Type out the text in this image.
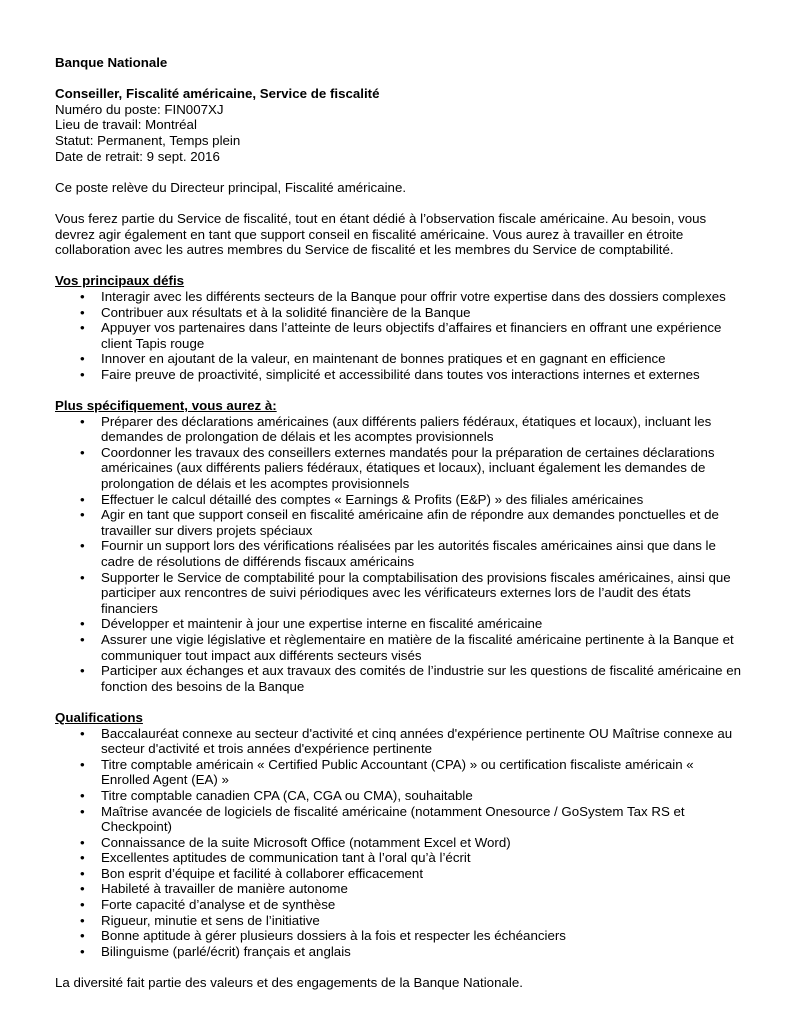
Banque Nationale

Conseiller, Fiscalité américaine, Service de fiscalité

Numéro du poste: FIN007XJ

Lieu de travail: Montréal

Statut: Permanent, Temps plein

Date de retrait: 9 sept. 2016

Ce poste relève du Directeur principal, Fiscalité américaine.

Vous ferez partie du Service de fiscalité, tout en étant dédié à l’observation fiscale américaine. Au besoin, vous devrez agir également en tant que support conseil en fiscalité américaine. Vous aurez à travailler en étroite collaboration avec les autres membres du Service de fiscalité et les membres du Service de comptabilité.

Vos principaux défis

• Interagir avec les différents secteurs de la Banque pour offrir votre expertise dans des dossiers complexes
• Contribuer aux résultats et à la solidité financière de la Banque
• Appuyer vos partenaires dans l’atteinte de leurs objectifs d’affaires et financiers en offrant une expérience client Tapis rouge
• Innover en ajoutant de la valeur, en maintenant de bonnes pratiques et en gagnant en efficience
• Faire preuve de proactivité, simplicité et accessibilité dans toutes vos interactions internes et externes

Plus spécifiquement, vous aurez à:

• Préparer des déclarations américaines (aux différents paliers fédéraux, étatiques et locaux), incluant les demandes de prolongation de délais et les acomptes provisionnels
• Coordonner les travaux des conseillers externes mandatés pour la préparation de certaines déclarations américaines (aux différents paliers fédéraux, étatiques et locaux), incluant également les demandes de prolongation de délais et les acomptes provisionnels
• Effectuer le calcul détaillé des comptes « Earnings & Profits (E&P) » des filiales américaines
• Agir en tant que support conseil en fiscalité américaine afin de répondre aux demandes ponctuelles et de travailler sur divers projets spéciaux
• Fournir un support lors des vérifications réalisées par les autorités fiscales américaines ainsi que dans le cadre de résolutions de différends fiscaux américains
• Supporter le Service de comptabilité pour la comptabilisation des provisions fiscales américaines, ainsi que participer aux rencontres de suivi périodiques avec les vérificateurs externes lors de l’audit des états financiers
• Développer et maintenir à jour une expertise interne en fiscalité américaine
• Assurer une vigie législative et règlementaire en matière de la fiscalité américaine pertinente à la Banque et communiquer tout impact aux différents secteurs visés
• Participer aux échanges et aux travaux des comités de l’industrie sur les questions de fiscalité américaine en fonction des besoins de la Banque

Qualifications

• Baccalauréat connexe au secteur d'activité et cinq années d'expérience pertinente OU Maîtrise connexe au secteur d'activité et trois années d'expérience pertinente
• Titre comptable américain « Certified Public Accountant (CPA) » ou certification fiscaliste américain « Enrolled Agent (EA) »
• Titre comptable canadien CPA (CA, CGA ou CMA), souhaitable
• Maîtrise avancée de logiciels de fiscalité américaine (notamment Onesource / GoSystem Tax RS et Checkpoint)
• Connaissance de la suite Microsoft Office (notamment Excel et Word)
• Excellentes aptitudes de communication tant à l’oral qu’à l’écrit
• Bon esprit d’équipe et facilité à collaborer efficacement
• Habileté à travailler de manière autonome
• Forte capacité d’analyse et de synthèse
• Rigueur, minutie et sens de l’initiative
• Bonne aptitude à gérer plusieurs dossiers à la fois et respecter les échéanciers
• Bilinguisme (parlé/écrit) français et anglais

La diversité fait partie des valeurs et des engagements de la Banque Nationale.
